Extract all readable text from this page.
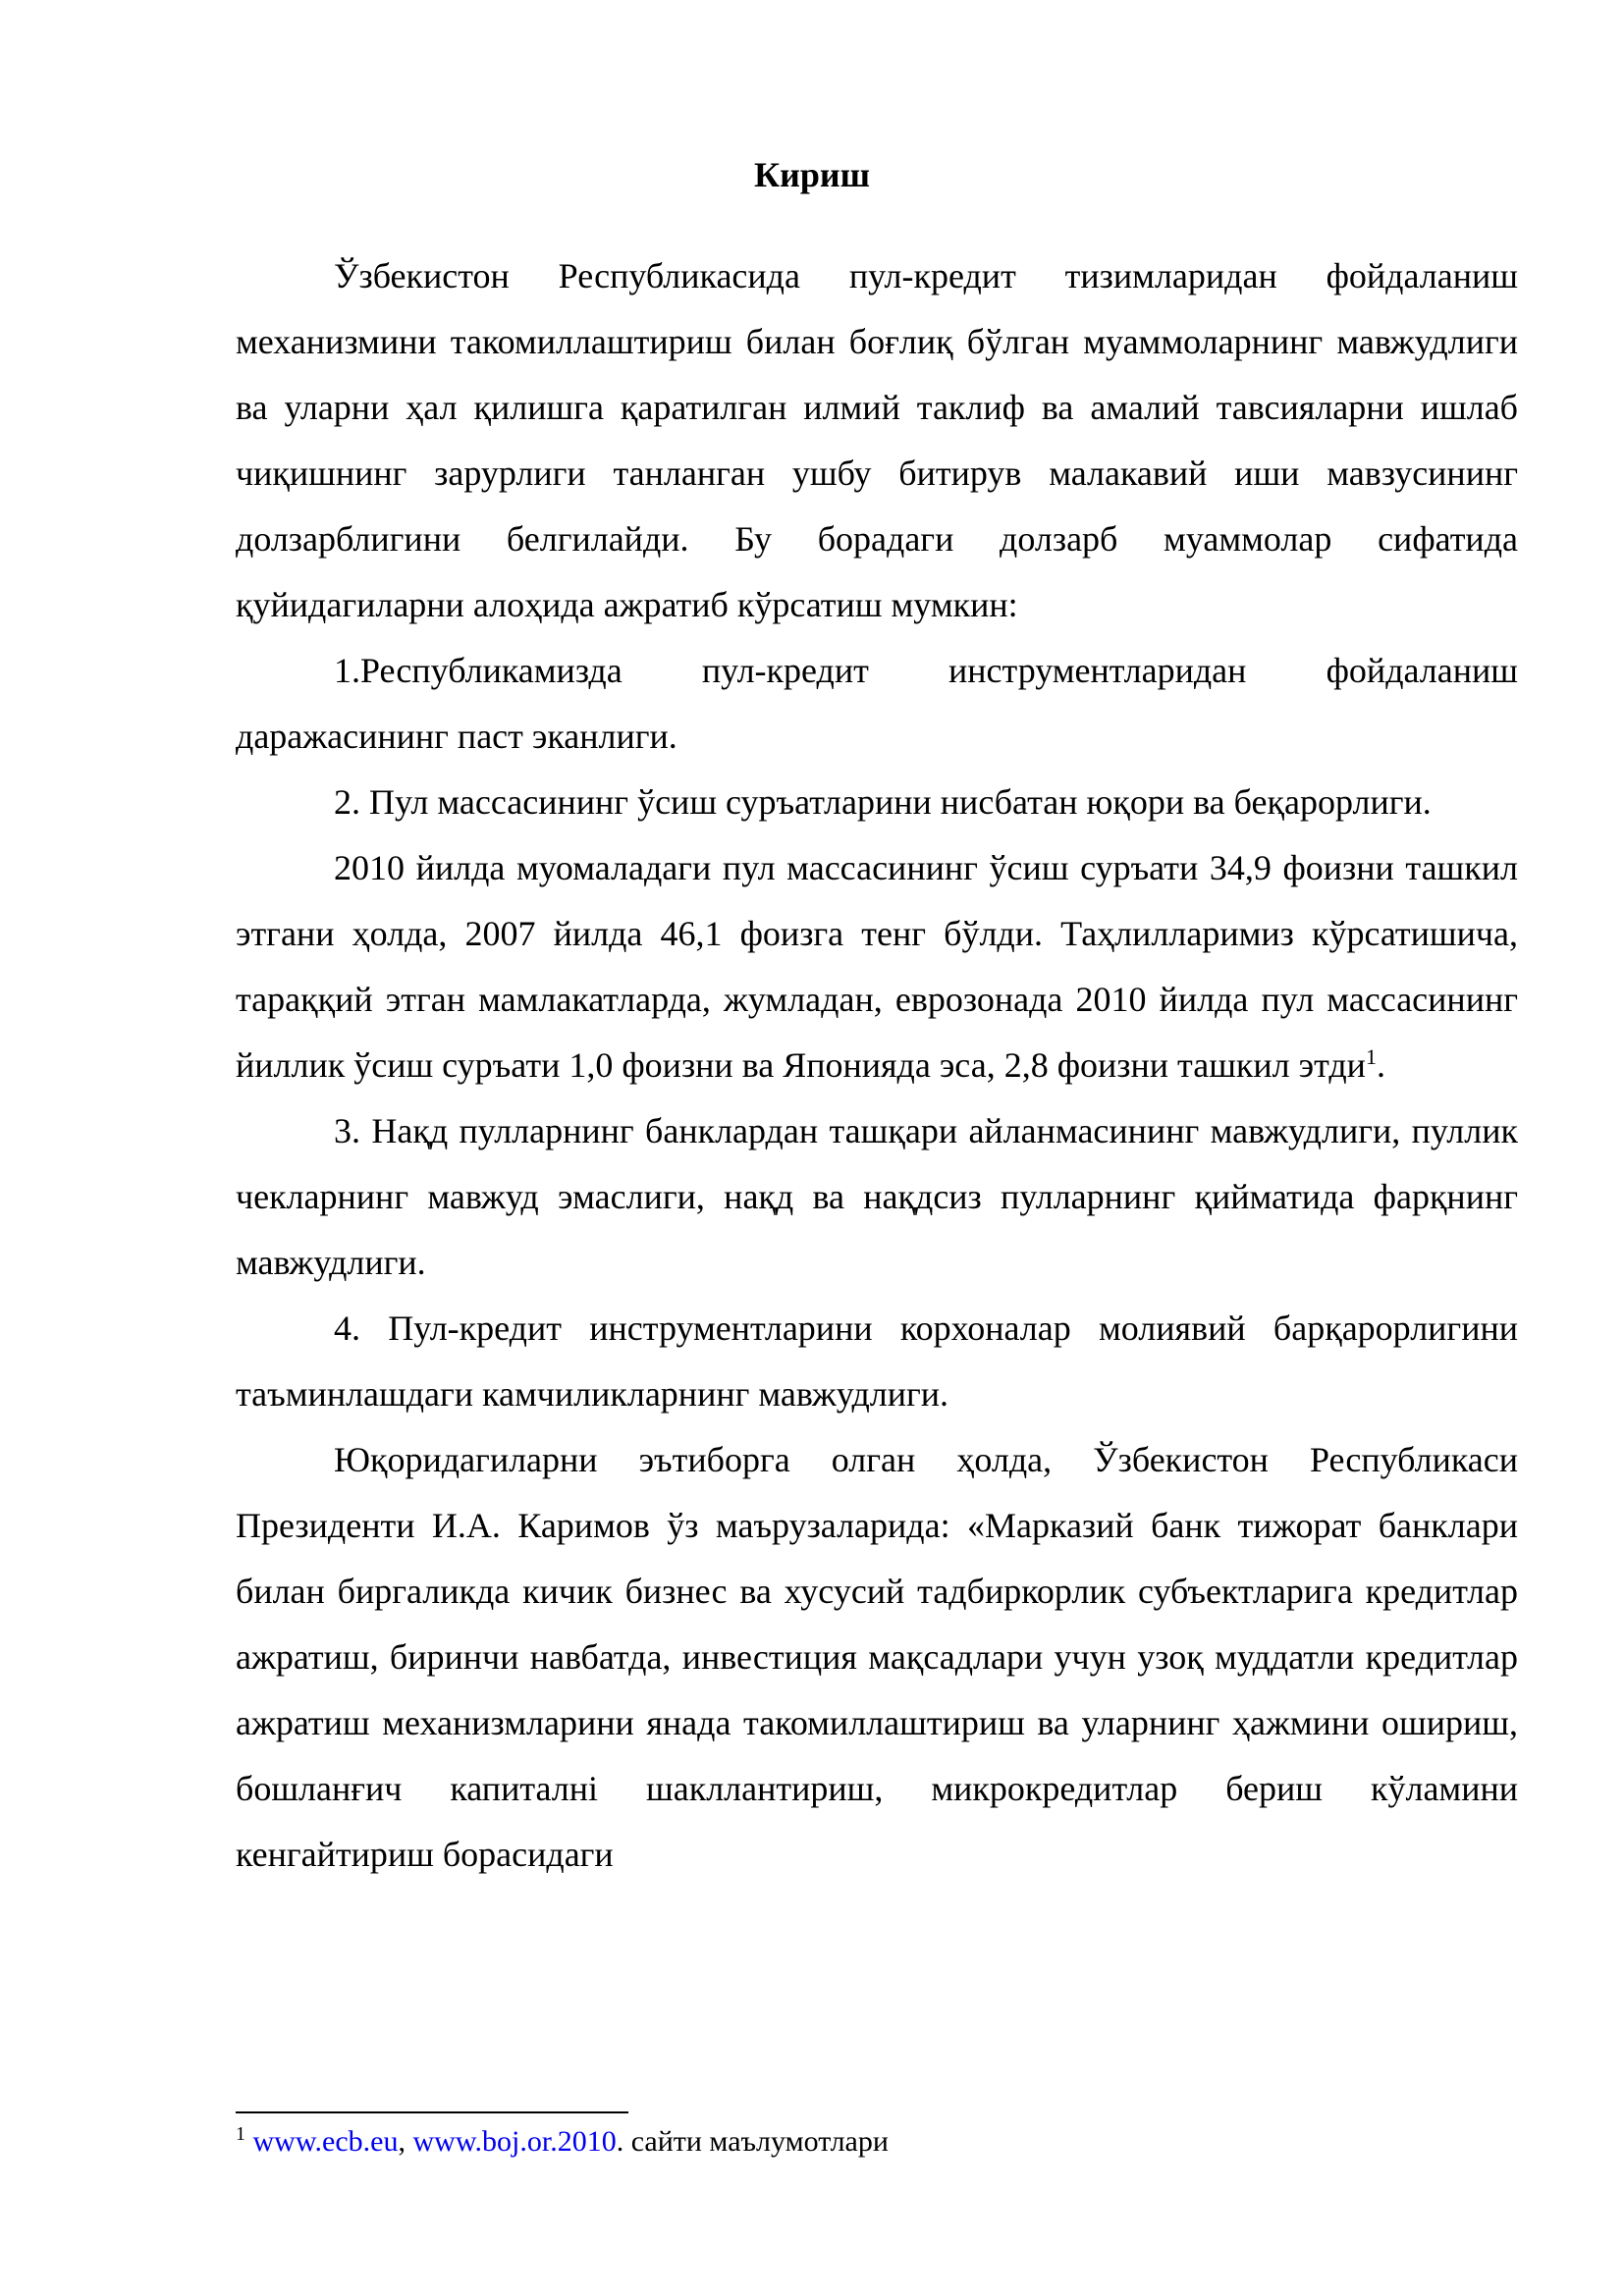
Кириш

Ўзбекистон Республикасида пул-кредит тизимларидан фойдаланиш механизмини такомиллаштириш билан боғлиқ бўлган муаммоларнинг мавжудлиги ва уларни ҳал қилишга қаратилган илмий таклиф ва амалий тавсияларни ишлаб чиқишнинг зарурлиги танланган ушбу битирув малакавий иши мавзусининг долзарблигини белгилайди. Бу борадаги долзарб муаммолар сифатида қуйидагиларни алоҳида ажратиб кўрсатиш мумкин:

1.Республикамизда пул-кредит инструментларидан фойдаланиш даражасининг паст эканлиги.

2. Пул массасининг ўсиш суръатларини нисбатан юқори ва беқарорлиги.

2010 йилда муомаладаги пул массасининг ўсиш суръати 34,9 фоизни ташкил этгани ҳолда, 2007 йилда 46,1 фоизга тенг бўлди. Таҳлилларимиз кўрсатишича, тараққий этган мамлакатларда, жумладан, еврозонада 2010 йилда пул массасининг йиллик ўсиш суръати 1,0 фоизни ва Японияда эса, 2,8 фоизни ташкил этди$^1$.

3. Нақд пулларнинг банклардан ташқари айланмасининг мавжудлиги, пуллик чекларнинг мавжуд эмаслиги, нақд ва нақдсиз пулларнинг қийматида фарқнинг мавжудлиги.

4. Пул-кредит инструментларини корхоналар молиявий барқарорлигини таъминлашдаги камчиликларнинг мавжудлиги.

Юқоридагиларни эътиборга олган ҳолда, Ўзбекистон Республикаси Президенти И.А. Каримов ўз маърузаларида: «Марказий банк тижорат банклари билан биргаликда кичик бизнес ва хусусий тадбиркорлик субъектларига кредитлар ажратиш, биринчи навбатда, инвестиция мақсадлари учун узоқ муддатли кредитлар ажратиш механизмларини янада такомиллаштириш ва уларнинг ҳажмини ошириш, бошланғич капиталнi шакллантириш, микрокредитлар бериш кўламини кенгайтириш борасидаги

$^1$ www.ecb.eu, www.boj.or.2010. сайти маълумотлари
